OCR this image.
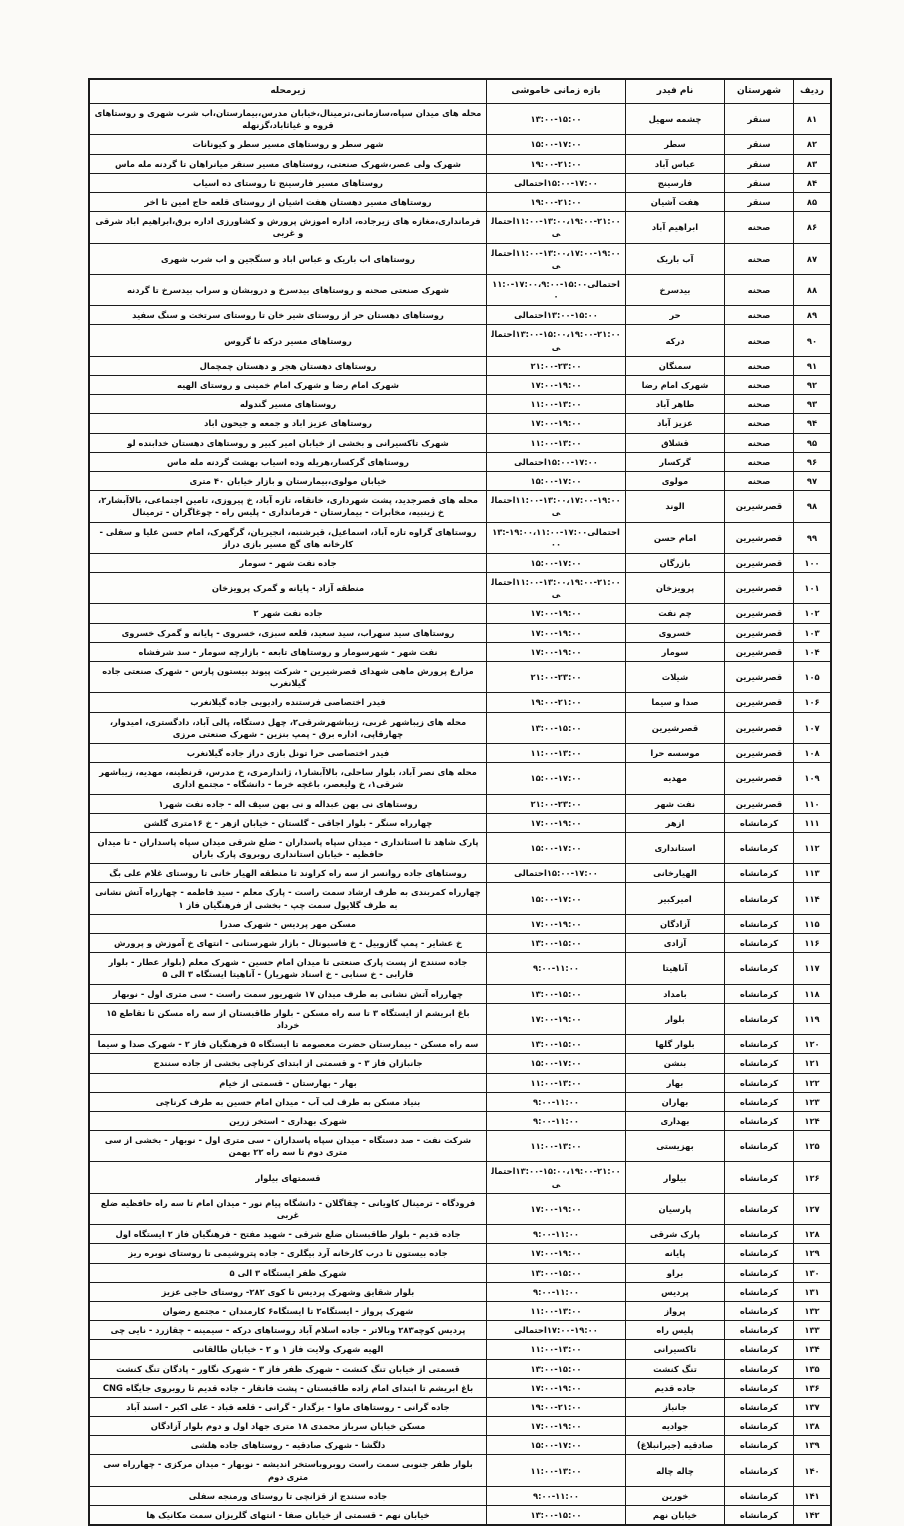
ردیف	شهرستان	نام فیدر	بازه زمانی خاموشی	زیرمحله
۸۱	سنقر	چشمه سهیل	۱۳:۰۰-۱۵:۰۰	محله های میدان سپاه،سازمانی،ترمینال،خیابان مدرس،بیمارستان،اب شرب شهری و روستاهای قروه و غیاثاباد،گزنهله
۸۲	سنقر	سطر	۱۵:۰۰-۱۷:۰۰	شهر سطر و روستاهای مسیر سطر و کیونانات
۸۳	سنقر	عباس آباد	۱۹:۰۰-۲۱:۰۰	شهرک ولی عصر،شهرک صنعتی، روستاهای مسیر سنقر میانراهان تا گردنه مله ماس
۸۴	سنقر	فارسینج	۱۵:۰۰-۱۷:۰۰احتمالی	روستاهای مسیر فارسینج تا روستای ده اسیاب
۸۵	سنقر	هفت آشیان	۱۹:۰۰-۲۱:۰۰	روستاهای مسیر دهستان هفت اشیان از روستای قلعه حاج امین تا اخر
۸۶	صحنه	ابراهیم آباد	۱۱:۰۰-۱۳:۰۰،۱۹:۰۰-۲۱:۰۰احتمالی	فرمانداری،مغازه های زیرجاده، اداره اموزش پرورش و کشاورزی اداره برق،ابراهیم اباد شرقی و غربی
۸۷	صحنه	آب باریک	۱۱:۰۰-۱۳:۰۰،۱۷:۰۰-۱۹:۰۰احتمالی	روستاهای اب باریک و عباس اباد و سنگجین و اب شرب شهری
۸۸	صحنه	بیدسرخ	احتمالی۱۵:۰۰-۱۷:۰۰،۹:۰۰-۱۱:۰۰	شهرک صنعتی صحنه و روستاهای بیدسرخ و دروبشان و سراب بیدسرخ تا گردنه
۸۹	صحنه	حر	۱۳:۰۰-۱۵:۰۰احتمالی	روستاهای دهستان حر از روستای شیر خان تا روستای سرتخت و سنگ سفید
۹۰	صحنه	درکه	۱۳:۰۰-۱۵:۰۰،۱۹:۰۰-۲۱:۰۰احتمالی	روستاهای مسیر درکه تا گروس
۹۱	صحنه	سمنگان	۲۱:۰۰-۲۳:۰۰	روستاهای دهستان هجر و دهستان چمچمال
۹۲	صحنه	شهرک امام رضا	۱۷:۰۰-۱۹:۰۰	شهرک امام رضا و شهرک امام خمینی و روستای الهیه
۹۳	صحنه	طاهر آباد	۱۱:۰۰-۱۳:۰۰	روستاهای مسیر گندوله
۹۴	صحنه	عزیز آباد	۱۷:۰۰-۱۹:۰۰	روستاهای عزیز اباد و جمعه و جیحون اباد
۹۵	صحنه	قشلاق	۱۱:۰۰-۱۳:۰۰	شهرک تاکسیرانی و بخشی از خیابان امیر کبیر و روستاهای دهستان خدابنده لو
۹۶	صحنه	گرکسار	۱۵:۰۰-۱۷:۰۰احتمالی	روستاهای گرکسار،هریله وده اسیاب بهشت گردنه مله ماس
۹۷	صحنه	مولوی	۱۵:۰۰-۱۷:۰۰	خیابان مولوی،بیمارستان و بازار خیابان ۴۰ متری
۹۸	قصرشیرین	الوند	۱۱:۰۰-۱۳:۰۰،۱۷:۰۰-۱۹:۰۰احتمالی	محله های قصرجدید، پشت شهرداری، خانقاه، تازه آباد، خ پیروزی، تامین اجتماعی، بالاآبشار۲، خ زینبیه، مخابرات - بیمارستان - فرمانداری - پلیس راه - چوغاگران - ترمینال
۹۹	قصرشیرین	امام حسن	احتمالی۱۷:۰۰-۱۹:۰۰،۱۱:۰۰-۱۳:۰۰	روستاهای گراوه تازه آباد، اسماعیل، قیرشنبه، انجیریان، گرگهرک، امام حسن علیا و سفلی - کارخانه های گچ مسیر بازی دراز
۱۰۰	قصرشیرین	بازرگان	۱۵:۰۰-۱۷:۰۰	جاده نفت شهر - سومار
۱۰۱	قصرشیرین	پرویزخان	۱۱:۰۰-۱۳:۰۰،۱۹:۰۰-۲۱:۰۰احتمالی	منطقه آزاد - پایانه و گمرک پرویزخان
۱۰۲	قصرشیرین	چم نفت	۱۷:۰۰-۱۹:۰۰	جاده نفت شهر ۲
۱۰۳	قصرشیرین	خسروی	۱۷:۰۰-۱۹:۰۰	روستاهای سید سهراب، سید سعید، قلعه سبزی، خسروی - پایانه و گمرک خسروی
۱۰۴	قصرشیرین	سومار	۱۷:۰۰-۱۹:۰۰	نفت شهر - شهرسومار و روستاهای تابعه - بازارچه سومار - سد شرفشاه
۱۰۵	قصرشیرین	شیلات	۲۱:۰۰-۲۳:۰۰	مزارع پرورش ماهی شهدای قصرشیرین - شرکت پیوند بیستون پارس - شهرک صنعتی جاده گیلانغرب
۱۰۶	قصرشیرین	صدا و سیما	۱۹:۰۰-۲۱:۰۰	فیدر اختصاصی فرستنده رادیویی جاده گیلانغرب
۱۰۷	قصرشیرین	قصرشیرین	۱۳:۰۰-۱۵:۰۰	محله های زیباشهر غربی، زیباشهرشرقی۲، چهل دستگاه، پالی آباد، دادگستری، امیدوار، چهارقاپی، اداره برق - پمپ بنزین - شهرک صنعتی مرزی
۱۰۸	قصرشیرین	موسسه حرا	۱۱:۰۰-۱۳:۰۰	فیدر اختصاصی حرا تونل بازی دراز جاده گیلانغرب
۱۰۹	قصرشیرین	مهدیه	۱۵:۰۰-۱۷:۰۰	محله های نصر آباد، بلوار ساحلی، بالاآبشار۱، ژاندارمری، خ مدرس، قرنطینه، مهدیه، زیباشهر شرقی۱، خ ولیعصر، باغچه خرما - دانشگاه - مجتمع اداری
۱۱۰	قصرشیرین	نفت شهر	۲۱:۰۰-۲۳:۰۰	روستاهای نی بهن عبداله و نی بهن سیف اله - جاده نفت شهر۱
۱۱۱	کرمانشاه	ازهر	۱۷:۰۰-۱۹:۰۰	چهارراه سنگر - بلوار اجاقی - گلستان - خیابان ازهر - خ ۱۶متری گلشن
۱۱۲	کرمانشاه	استانداری	۱۵:۰۰-۱۷:۰۰	پارک شاهد تا استانداری - میدان سپاه پاسداران - ضلع شرقی میدان سپاه پاسداران - تا میدان حافظیه - خیابان استانداری روبروی پارک باران
۱۱۳	کرمانشاه	الهیارخانی	۱۵:۰۰-۱۷:۰۰احتمالی	روستاهای جاده روانسر از سه راه کراوند تا منطقه الهیار خانی تا روستای غلام علی بگ
۱۱۴	کرمانشاه	امیرکبیر	۱۵:۰۰-۱۷:۰۰	چهارراه کمربندی به طرف ارشاد سمت راست - پارک معلم - سید فاطمه - چهارراه آتش نشانی به طرف گلایول سمت چپ - بخشی از فرهنگیان فاز ۱
۱۱۵	کرمانشاه	آزادگان	۱۷:۰۰-۱۹:۰۰	مسکن مهر پردیس - شهرک صدرا
۱۱۶	کرمانشاه	آزادی	۱۳:۰۰-۱۵:۰۰	خ عشایر - پمپ گازوییل - خ فاسیونال - بازار شهرستانی - انتهای خ آموزش و پرورش
۱۱۷	کرمانشاه	آناهیتا	۹:۰۰-۱۱:۰۰	جاده سنندج از پست پارک صنعتی تا میدان امام حسین - شهرک معلم (بلوار عطار - بلوار فارابی - خ سنابی - خ اسناد شهریار) - آناهیتا ایستگاه ۳ الی ۵
۱۱۸	کرمانشاه	بامداد	۱۳:۰۰-۱۵:۰۰	چهارراه آتش نشانی به طرف میدان ۱۷ شهریور سمت راست - سی متری اول - نوبهار
۱۱۹	کرمانشاه	بلوار	۱۷:۰۰-۱۹:۰۰	باغ ابریشم از ایستگاه ۳ تا سه راه مسکن - بلوار طاقبستان از سه راه مسکن تا تقاطع ۱۵ خرداد
۱۲۰	کرمانشاه	بلوار گلها	۱۳:۰۰-۱۵:۰۰	سه راه مسکن - بیمارستان حضرت معصومه تا ایستگاه ۵ فرهنگیان فاز ۲ - شهرک صدا و سیما
۱۲۱	کرمانشاه	بنشن	۱۵:۰۰-۱۷:۰۰	جانبازان فاز ۳ - و قسمتی از ابتدای کرناچی بخشی از جاده سنندج
۱۲۲	کرمانشاه	بهار	۱۱:۰۰-۱۳:۰۰	بهار - بهارستان - قسمتی از خیام
۱۲۳	کرمانشاه	بهاران	۹:۰۰-۱۱:۰۰	بنیاد مسکن به طرف لب آب - میدان امام حسین به طرف کرناچی
۱۲۴	کرمانشاه	بهداری	۹:۰۰-۱۱:۰۰	شهرک بهداری - استخر زرین
۱۲۵	کرمانشاه	بهزیستی	۱۱:۰۰-۱۳:۰۰	شرکت نفت - صد دستگاه - میدان سپاه پاسداران - سی متری اول - نوبهار - بخشی از سی متری دوم تا سه راه ۲۲ بهمن
۱۲۶	کرمانشاه	بیلوار	۱۳:۰۰-۱۵:۰۰،۱۹:۰۰-۲۱:۰۰احتمالی	قسمتهای بیلوار
۱۲۷	کرمانشاه	پارسیان	۱۷:۰۰-۱۹:۰۰	فرودگاه - ترمینال کاویانی - چقاگلان - دانشگاه پیام نور - میدان امام تا سه راه حافظیه ضلع غربی
۱۲۸	کرمانشاه	پارک شرقی	۹:۰۰-۱۱:۰۰	جاده قدیم - بلوار طاقبستان ضلع شرقی - شهید مفتح - فرهنگیان فاز ۲ ایستگاه اول
۱۲۹	کرمانشاه	پایانه	۱۷:۰۰-۱۹:۰۰	جاده بیستون تا درب کارخانه آرد بیگلری - جاده پتروشیمی تا روستای نوبره ریز
۱۳۰	کرمانشاه	براو	۱۳:۰۰-۱۵:۰۰	شهرک ظفر ایستگاه ۳ الی ۵
۱۳۱	کرمانشاه	پردیس	۹:۰۰-۱۱:۰۰	بلوار شقایق وشهرک پردیس تا کوی ۲۸۲- روستای حاجی عزیز
۱۳۲	کرمانشاه	پرواز	۱۱:۰۰-۱۳:۰۰	شهرک پرواز - ایستگاه۲ تا ایستگاه۶ کارمندان - مجتمع رضوان
۱۳۳	کرمانشاه	پلیس راه	۱۷:۰۰-۱۹:۰۰احتمالی	پردیس کوچه۲۸۳ وبالاتر - جاده اسلام آباد روستاهای درکه - سیمینه - چقازرد - نایی چی
۱۳۴	کرمانشاه	تاکسیرانی	۱۱:۰۰-۱۳:۰۰	الهیه شهرک ولایت فاز ۱ و ۲ - خیابان طالقانی
۱۳۵	کرمانشاه	تنگ کنشت	۱۳:۰۰-۱۵:۰۰	قسمتی از خیابان تنگ کنشت - شهرک ظفر فاز ۳ - شهرک نگاور - پادگان تنگ کنشت
۱۳۶	کرمانشاه	جاده قدیم	۱۷:۰۰-۱۹:۰۰	باغ ابریشم تا ابتدای امام زاده طاقبستان - پشت فانقار - جاده قدیم تا روبروی جایگاه CNG
۱۳۷	کرمانشاه	جانباز	۱۹:۰۰-۲۱:۰۰	جاده گرانی - روستاهای ماوا - بزگدار - گرانی - قلعه قباد - علی اکبر - اسند آباد
۱۳۸	کرمانشاه	جوادیه	۱۷:۰۰-۱۹:۰۰	مسکن خیابان سرباز محمدی ۱۸ متری جهاد اول و دوم بلوار آزادگان
۱۳۹	کرمانشاه	صادقیه (جیرانبلاغ)	۱۵:۰۰-۱۷:۰۰	دلگشا - شهرک صادقیه - روستاهای جاده هلشی
۱۴۰	کرمانشاه	چاله چاله	۱۱:۰۰-۱۳:۰۰	بلوار ظفر جنوبی سمت راست روبروباستخر اندیشه - نوبهار - میدان مرکزی - چهارراه سی متری دوم
۱۴۱	کرمانشاه	خورین	۹:۰۰-۱۱:۰۰	جاده سنندج از قزانچی تا روستای ورمنجه سفلی
۱۴۲	کرمانشاه	خیابان نهم	۱۳:۰۰-۱۵:۰۰	خیابان نهم - قسمتی از خیابان صفا - انتهای گلریزان سمت مکانیک ها
